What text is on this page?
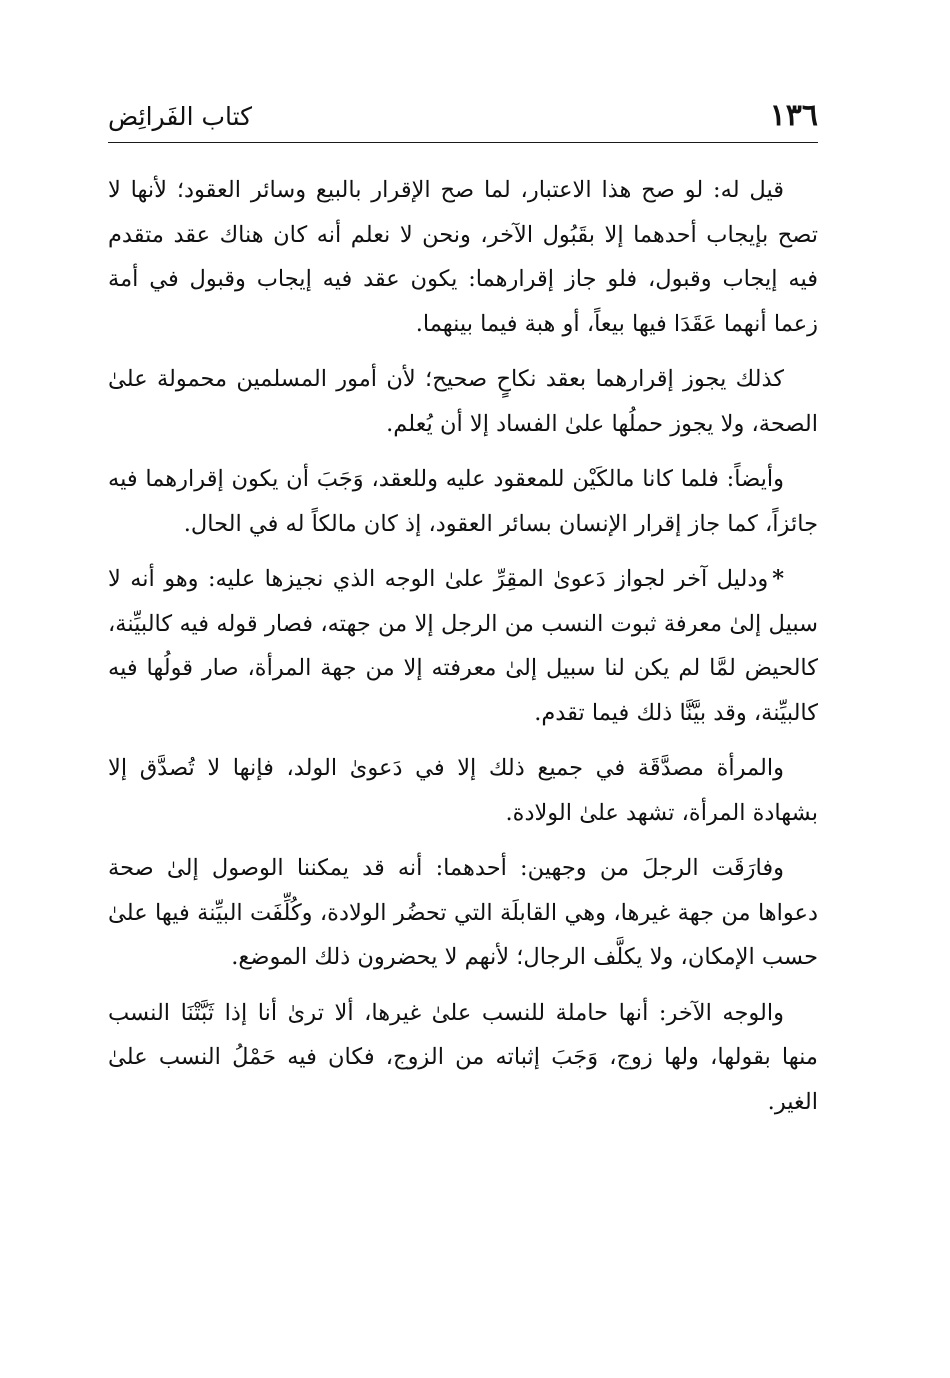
١٣٦
كتاب الفَرائِض

قيل له: لو صح هذا الاعتبار، لما صح الإقرار بالبيع وسائر العقود؛ لأنها لا تصح بإيجاب أحدهما إلا بقَبُول الآخر، ونحن لا نعلم أنه كان هناك عقد متقدم فيه إيجاب وقبول، فلو جاز إقرارهما: يكون عقد فيه إيجاب وقبول في أمة زعما أنهما عَقَدَا فيها بيعاً، أو هبة فيما بينهما.

كذلك يجوز إقرارهما بعقد نكاحٍ صحيح؛ لأن أمور المسلمين محمولة علىٰ الصحة، ولا يجوز حملُها علىٰ الفساد إلا أن يُعلم.

وأيضاً: فلما كانا مالكَيْن للمعقود عليه وللعقد، وَجَبَ أن يكون إقرارهما فيه جائزاً، كما جاز إقرار الإنسان بسائر العقود، إذ كان مالكاً له في الحال.

*ودليل آخر لجواز دَعوىٰ المقِرِّ علىٰ الوجه الذي نجيزها عليه: وهو أنه لا سبيل إلىٰ معرفة ثبوت النسب من الرجل إلا من جهته، فصار قوله فيه كالبيِّنة، كالحيض لمَّا لم يكن لنا سبيل إلىٰ معرفته إلا من جهة المرأة، صار قولُها فيه كالبيِّنة، وقد بيَّنَّا ذلك فيما تقدم.

والمرأة مصدَّقَة في جميع ذلك إلا في دَعوىٰ الولد، فإنها لا تُصدَّق إلا بشهادة المرأة، تشهد علىٰ الولادة.

وفارَقَت الرجلَ من وجهين: أحدهما: أنه قد يمكننا الوصول إلىٰ صحة دعواها من جهة غيرها، وهي القابلَة التي تحضُر الولادة، وكُلِّفَت البيِّنة فيها علىٰ حسب الإمكان، ولا يكلَّف الرجال؛ لأنهم لا يحضرون ذلك الموضع.

والوجه الآخر: أنها حاملة للنسب علىٰ غيرها، ألا ترىٰ أنا إذا ثَبَّتْنَا النسب منها بقولها، ولها زوج، وَجَبَ إثباته من الزوج، فكان فيه حَمْلُ النسب علىٰ الغير.
